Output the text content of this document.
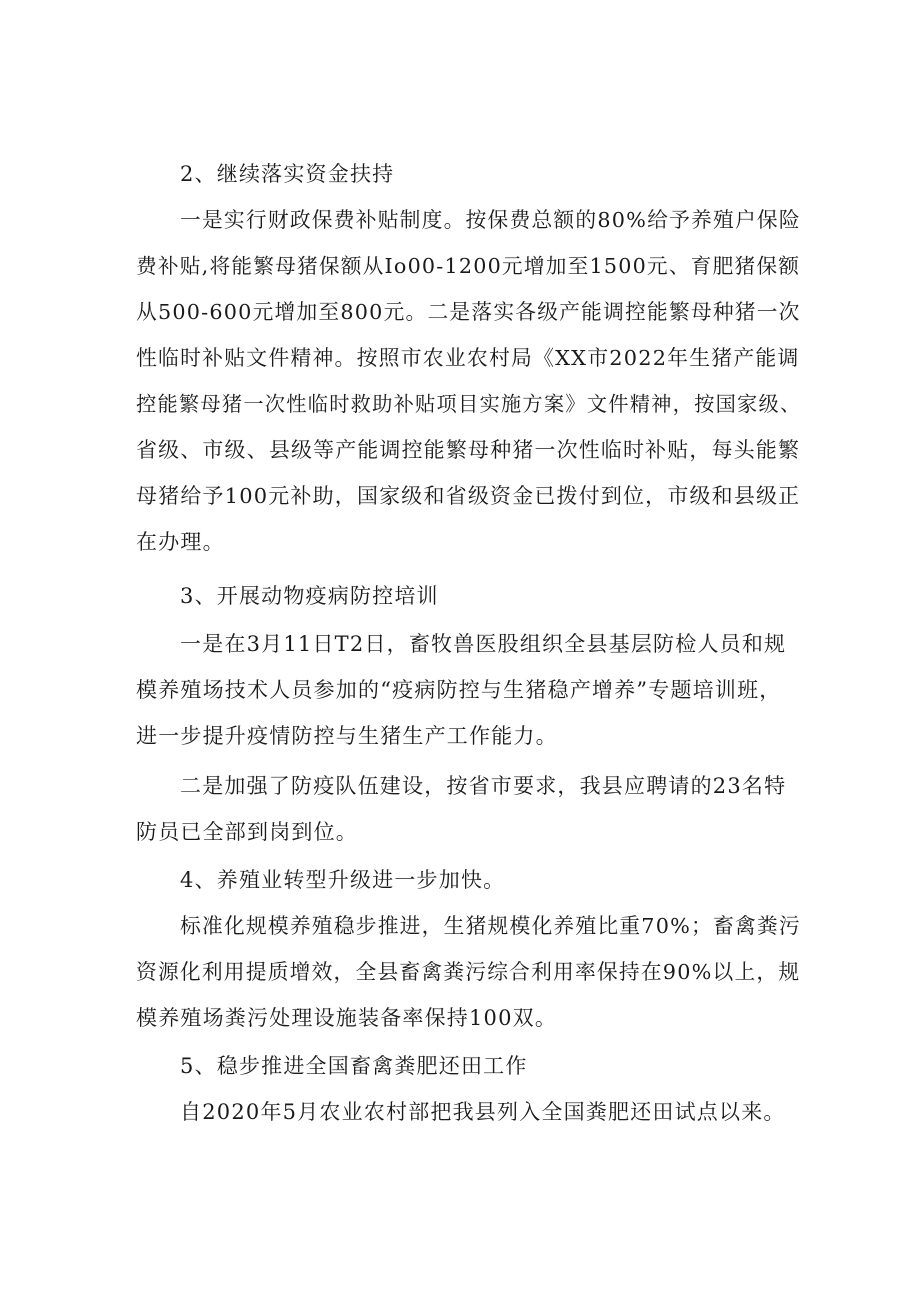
2、继续落实资金扶持

一是实行财政保费补贴制度。按保费总额的80%给予养殖户保险

费补贴,将能繁母猪保额从Io00-1200元增加至1500元、育肥猪保额

从500-600元增加至800元。二是落实各级产能调控能繁母种猪一次

性临时补贴文件精神。按照市农业农村局《XX市2022年生猪产能调

控能繁母猪一次性临时救助补贴项目实施方案》文件精神，按国家级、

省级、市级、县级等产能调控能繁母种猪一次性临时补贴，每头能繁

母猪给予100元补助，国家级和省级资金已拨付到位，市级和县级正

在办理。

3、开展动物疫病防控培训

一是在3月11日T2日，畜牧兽医股组织全县基层防检人员和规

模养殖场技术人员参加的“疫病防控与生猪稳产增养”专题培训班，

进一步提升疫情防控与生猪生产工作能力。

二是加强了防疫队伍建设，按省市要求，我县应聘请的23名特

防员已全部到岗到位。

4、养殖业转型升级进一步加快。

标准化规模养殖稳步推进，生猪规模化养殖比重70%；畜禽粪污

资源化利用提质增效，全县畜禽粪污综合利用率保持在90%以上，规

模养殖场粪污处理设施装备率保持100双。

5、稳步推进全国畜禽粪肥还田工作

自2020年5月农业农村部把我县列入全国粪肥还田试点以来。
